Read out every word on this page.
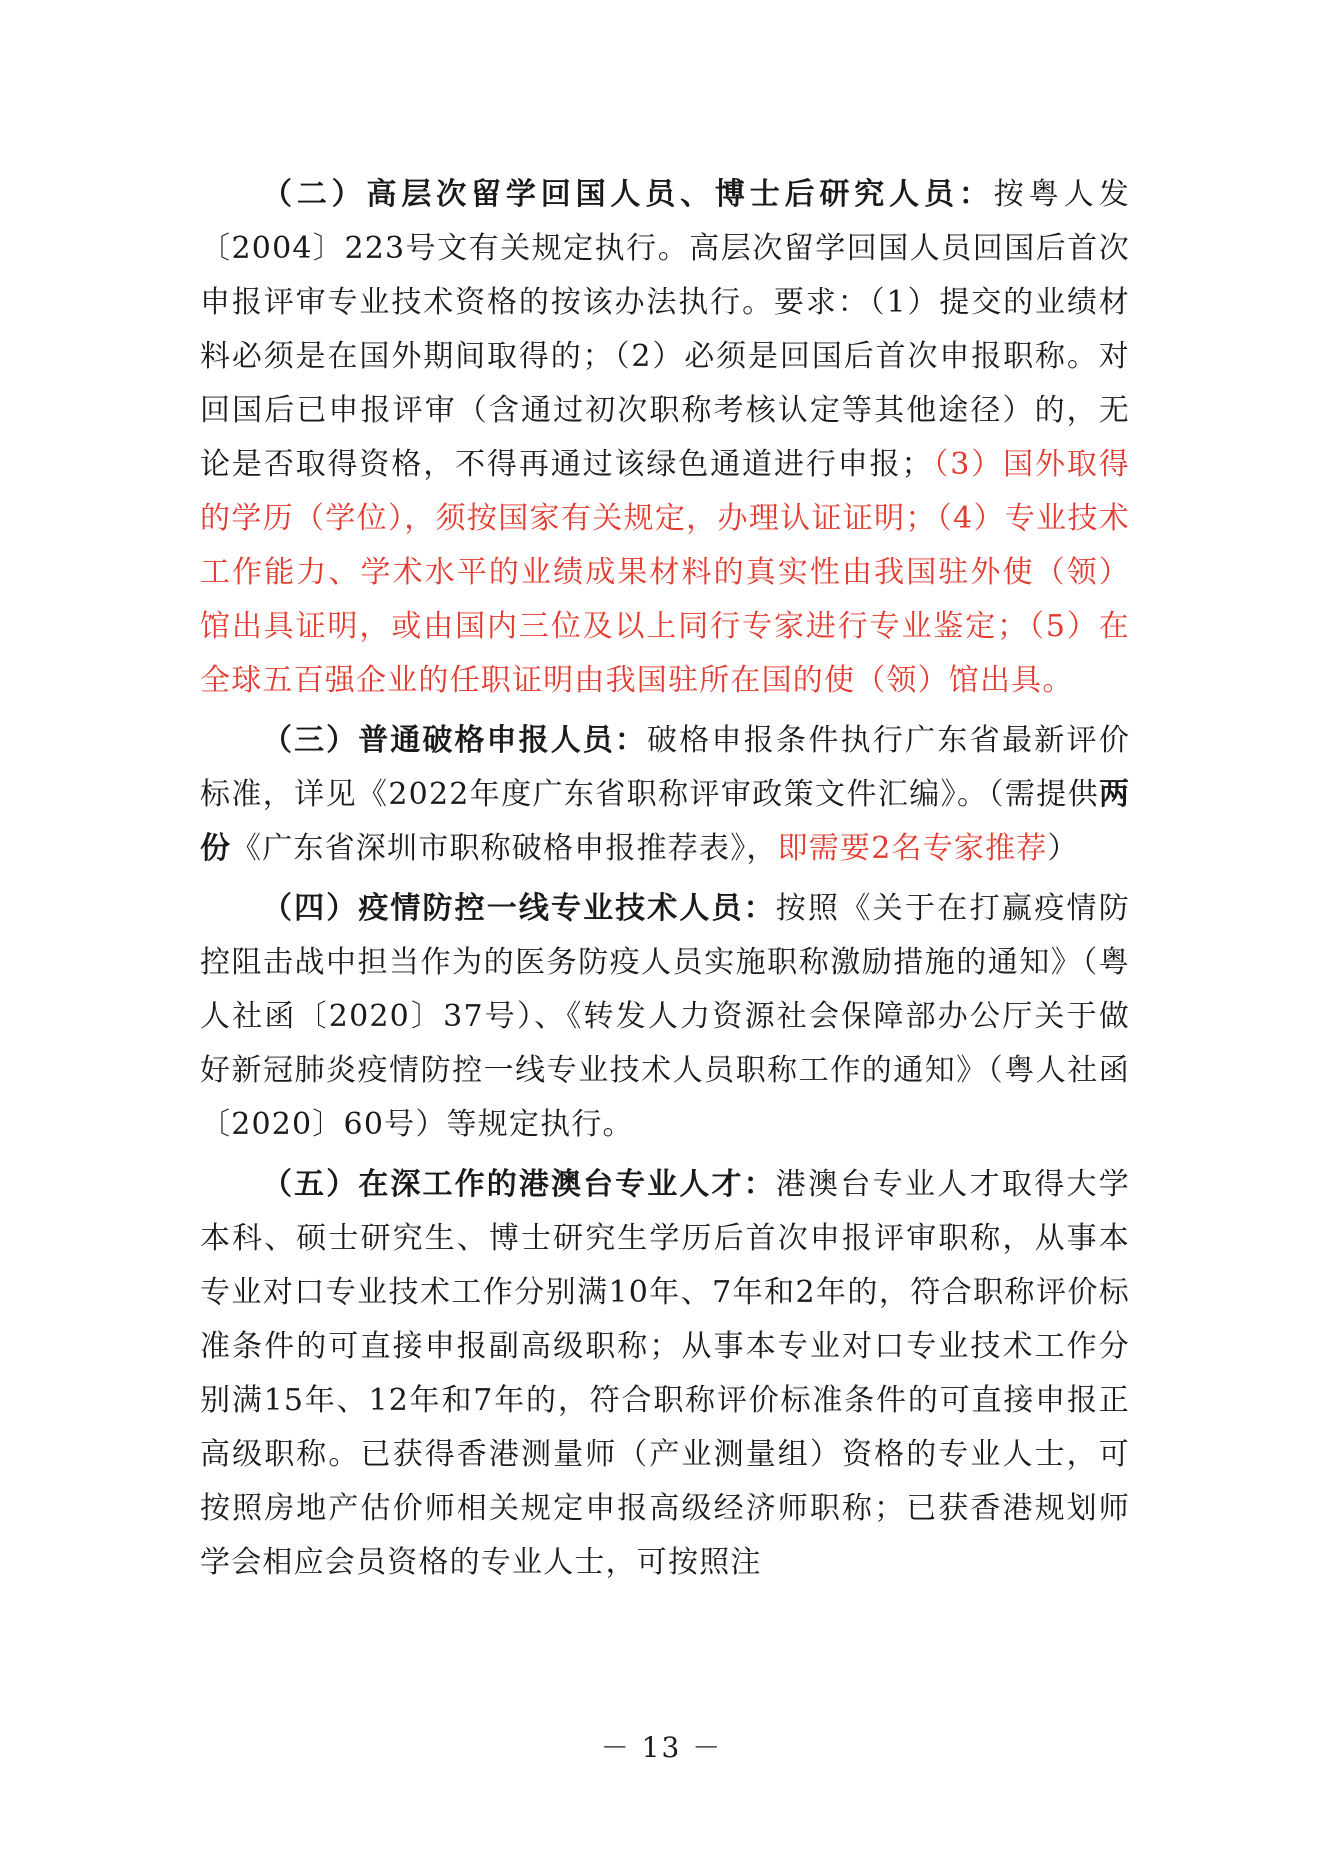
（二）高层次留学回国人员、博士后研究人员：按粤人发〔2004〕223号文有关规定执行。高层次留学回国人员回国后首次申报评审专业技术资格的按该办法执行。要求：（1）提交的业绩材料必须是在国外期间取得的；（2）必须是回国后首次申报职称。对回国后已申报评审（含通过初次职称考核认定等其他途径）的，无论是否取得资格，不得再通过该绿色通道进行申报；（3）国外取得的学历（学位），须按国家有关规定，办理认证证明；（4）专业技术工作能力、学术水平的业绩成果材料的真实性由我国驻外使（领）馆出具证明，或由国内三位及以上同行专家进行专业鉴定；（5）在全球五百强企业的任职证明由我国驻所在国的使（领）馆出具。

（三）普通破格申报人员：破格申报条件执行广东省最新评价标准，详见《2022年度广东省职称评审政策文件汇编》。（需提供两份《广东省深圳市职称破格申报推荐表》，即需要2名专家推荐）

（四）疫情防控一线专业技术人员：按照《关于在打赢疫情防控阻击战中担当作为的医务防疫人员实施职称激励措施的通知》（粤人社函〔2020〕37号）、《转发人力资源社会保障部办公厅关于做好新冠肺炎疫情防控一线专业技术人员职称工作的通知》（粤人社函〔2020〕60号）等规定执行。

（五）在深工作的港澳台专业人才：港澳台专业人才取得大学本科、硕士研究生、博士研究生学历后首次申报评审职称，从事本专业对口专业技术工作分别满10年、7年和2年的，符合职称评价标准条件的可直接申报副高级职称；从事本专业对口专业技术工作分别满15年、12年和7年的，符合职称评价标准条件的可直接申报正高级职称。已获得香港测量师（产业测量组）资格的专业人士，可按照房地产估价师相关规定申报高级经济师职称；已获香港规划师学会相应会员资格的专业人士，可按照注

－ 13 －
